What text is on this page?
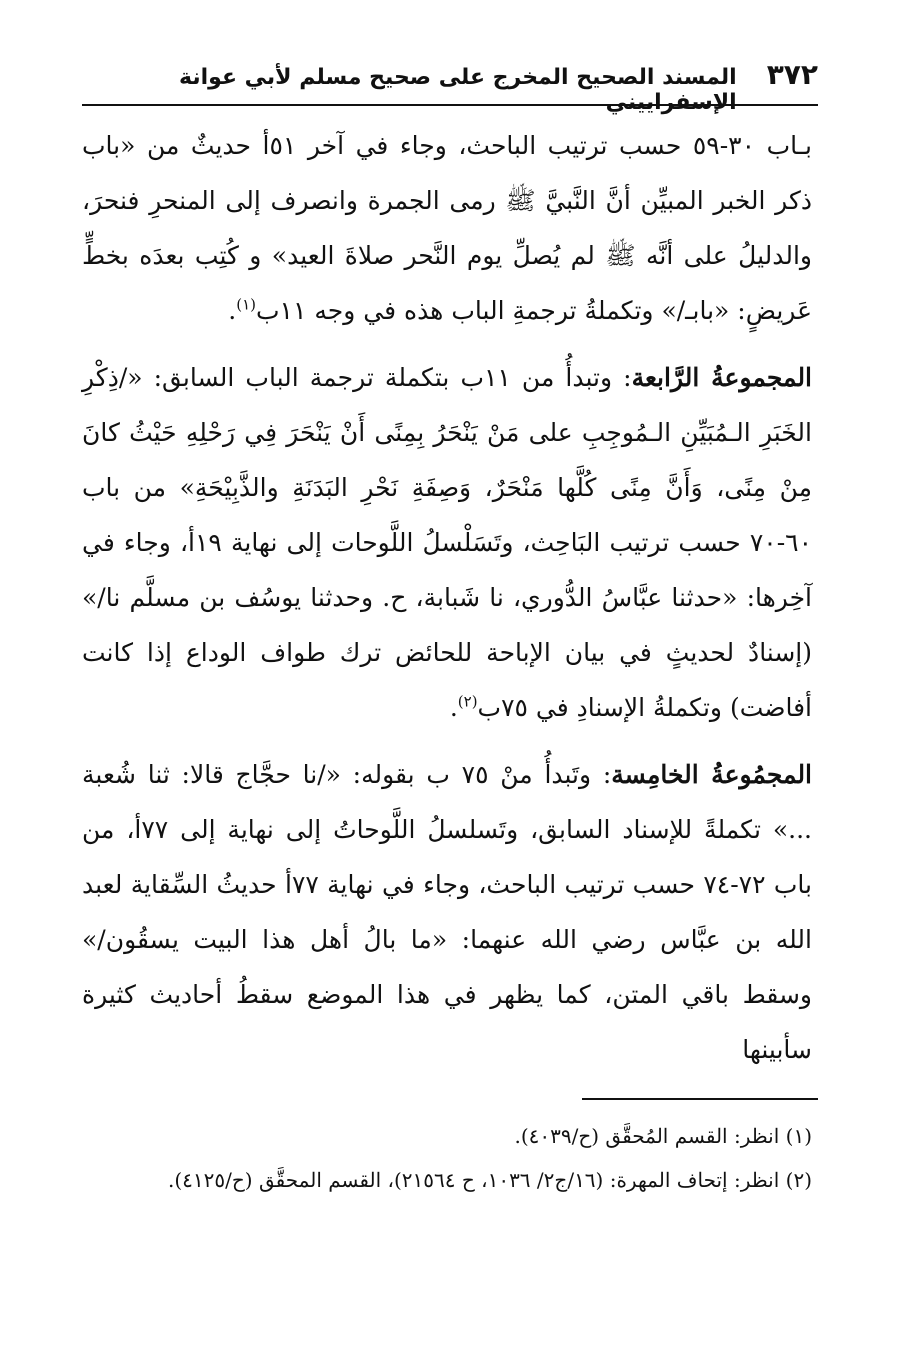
٣٧٢
المسند الصحيح المخرج على صحيح مسلم لأبي عوانة الإسفراييني

بـاب ٣٠-٥٩ حسب ترتيب الباحث، وجاء في آخر ٥١أ حديثٌ من «باب ذكر الخبر المبيِّن أنَّ النَّبيَّ ﷺ رمى الجمرة وانصرف إلى المنحرِ فنحرَ، والدليلُ على أنَّه ﷺ لم يُصلِّ يوم النَّحر صلاةَ العيد» و كُتِب بعدَه بخطٍّ عَريضٍ: «بابـ/» وتكملةُ ترجمةِ الباب هذه في وجه ١١ب$^{(١)}$.

المجموعةُ الرَّابعة: وتبدأُ من ١١ب بتكملة ترجمة الباب السابق: «/ذِكْرِ الخَبَرِ الـمُبَيِّنِ الـمُوجِبِ على مَنْ يَنْحَرُ بِمِنًى أَنْ يَنْحَرَ فِي رَحْلِهِ حَيْثُ كانَ مِنْ مِنًى، وَأَنَّ مِنًى كُلَّها مَنْحَرٌ، وَصِفَةِ نَحْرِ البَدَنَةِ والذَّبِيْحَةِ» من باب ٦٠-٧٠ حسب ترتيب البَاحِث، وتَسَلْسلُ اللَّوحات إلى نهاية ١٩أ، وجاء في آخِرها: «حدثنا عبَّاسُ الدُّوري، نا شَبابة، ح. وحدثنا يوسُف بن مسلَّم نا/» (إسنادٌ لحديثٍ في بيان الإباحة للحائض ترك طواف الوداع إذا كانت أفاضت) وتكملةُ الإسنادِ في ٧٥ب$^{(٢)}$.

المجمُوعةُ الخامِسة: وتَبدأُ منْ ٧٥ ب بقوله: «/نا حجَّاج قالا: ثنا شُعبة ...» تكملةً للإسناد السابق، وتَسلسلُ اللَّوحاتُ إلى نهاية إلى ٧٧أ، من باب ٧٢-٧٤ حسب ترتيب الباحث، وجاء في نهاية ٧٧أ حديثُ السِّقاية لعبد الله بن عبَّاس رضي الله عنهما: «ما بالُ أهل هذا البيت يسقُون/» وسقط باقي المتن، كما يظهر في هذا الموضع سقطُ أحاديث كثيرة سأبينها

(١) انظر: القسم المُحقَّق (ح/٤٠٣٩).
(٢) انظر: إتحاف المهرة: (١٦/ج٢/ ١٠٣٦، ح ٢١٥٦٤)، القسم المحقَّق (ح/٤١٢٥).
